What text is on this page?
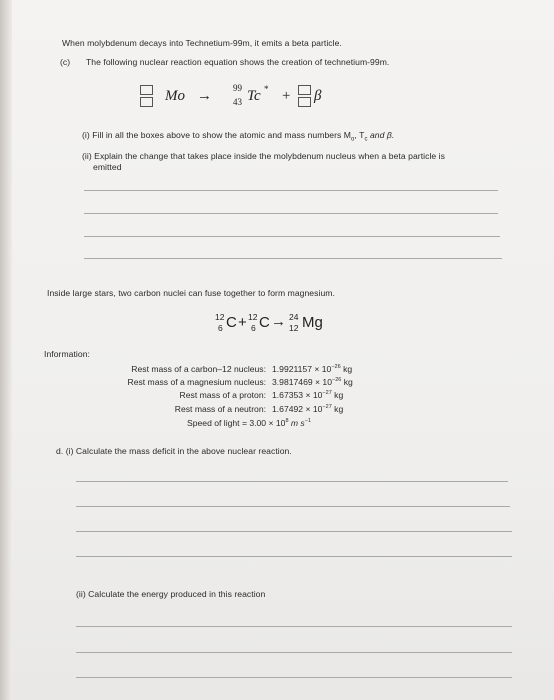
When molybdenum decays into Technetium-99m, it emits a beta particle.
(c) The following nuclear reaction equation shows the creation of technetium-99m.
Mo → 99
43 Tc * + β
(i) Fill in all the boxes above to show the atomic and mass numbers $M_o$, $T_c$ and β.
(ii) Explain the change that takes place inside the molybdenum nucleus when a beta particle is
emitted
Inside large stars, two carbon nuclei can fuse together to form magnesium.
12
6 C + 12
6 C → 24
12 Mg
Information:
Rest mass of a carbon–12 nucleus: $1.9921157 \times 10^{-26}$ kg
Rest mass of a magnesium nucleus: $3.9817469 \times 10^{-26}$ kg
Rest mass of a proton: $1.67353 \times 10^{-27}$ kg
Rest mass of a neutron: $1.67492 \times 10^{-27}$ kg
Speed of light = $3.00 \times 10^8$ m $s^{-1}$
d. (i) Calculate the mass deficit in the above nuclear reaction.
(ii) Calculate the energy produced in this reaction
